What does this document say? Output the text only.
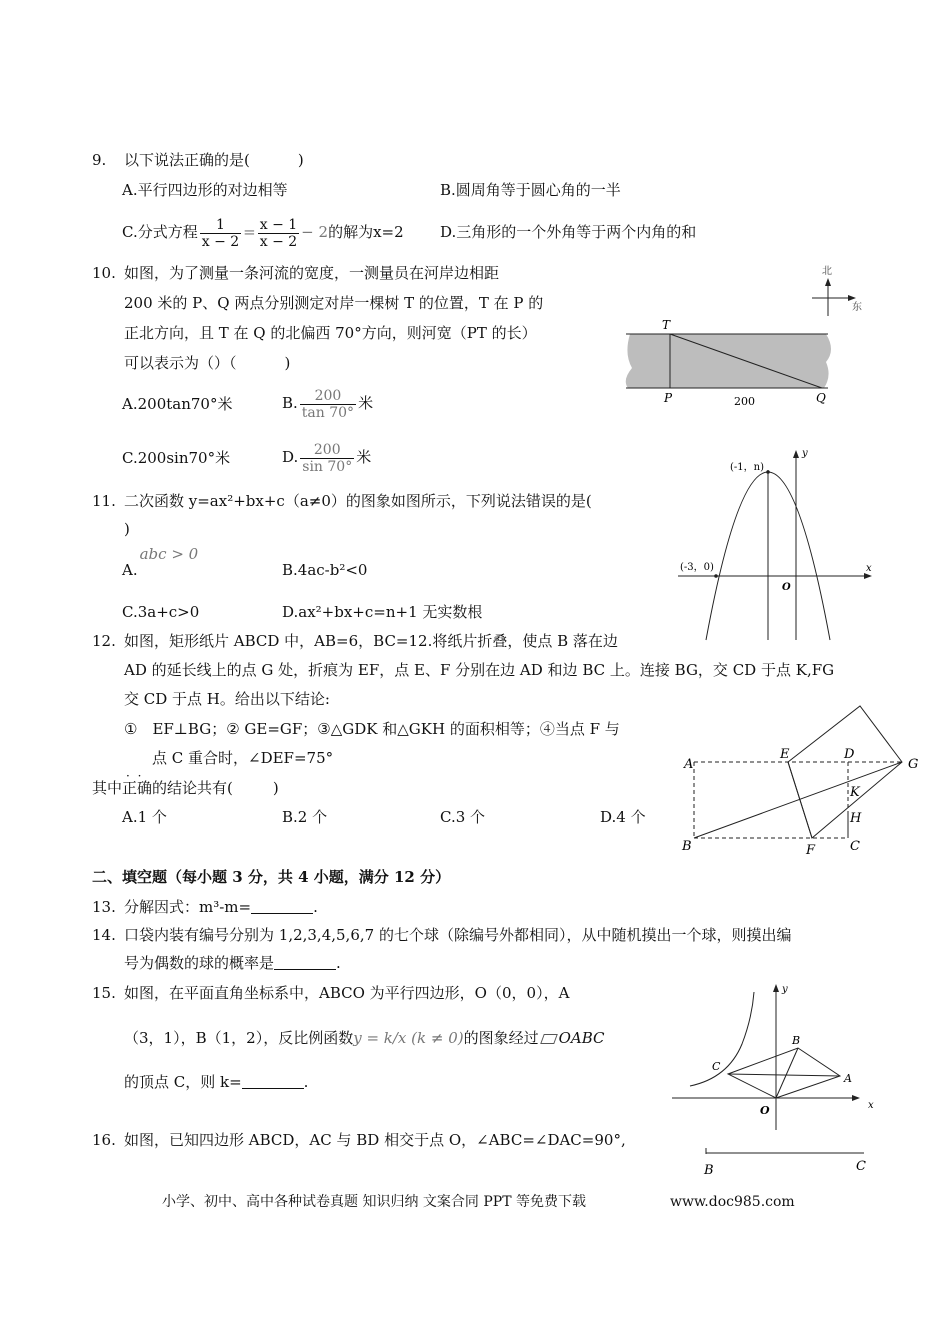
9.	以下说法正确的是(	)
A.平行四边形的对边相等	B.圆周角等于圆心角的一半
C.分式方程 $\frac{1}{x - 2} = \frac{x - 1}{x - 2} - 2$的解为x=2 D.三角形的一个外角等于两个内角的和
10. 如图，为了测量一条河流的宽度，一测量员在河岸边相距
200 米的 P、Q 两点分别测定对岸一棵树 T 的位置，T 在 P 的
正北方向，且 T 在 Q 的北偏西 70°方向，则河宽（PT 的长）
可以表示为（）（	)
A.200tan70°米	B. $\frac{200}{\tan 70^\circ}$ 米
C.200sin70°米	D. $\frac{200}{\sin 70^\circ}$ 米
北
东
T
P	Q
200
11. 二次函数 y=ax²+bx+c（a≠0）的图象如图所示，下列说法错误的是(
)
A.abc > 0
B.4ac-b²<0
C.3a+c>0	D.ax²+bx+c=n+1 无实数根
(-1，n)
(-3，0)	x
y
O
12. 如图，矩形纸片 ABCD 中，AB=6，BC=12.将纸片折叠，使点 B 落在边
AD 的延长线上的点 G 处，折痕为 EF，点 E、F 分别在边 AD 和边 BC 上。连接 BG，交 CD 于点 K,FG
交 CD 于点 H。给出以下结论:
①　EF⊥BG；② GE=GF；③△GDK 和△GKH 的面积相等；④当点 F 与
点 C 重合时，∠DEF=75°
其中· · 正确的结论共有(	)
A.1 个	B.2 个	C.3 个	D.4 个
A
B	C
D
E
F
G
H
K
二、填空题（每小题 3 分，共 4 小题，满分 12 分）
13. 分解因式：m³-m=	.
14. 口袋内装有编号分别为 1,2,3,4,5,6,7 的七个球（除编号外都相同），从中随机摸出一个球，则摸出编
号为偶数的球的概率是	.
15. 如图，在平面直角坐标系中，ABCO 为平行四边形，O（0，0），A
（3，1），B（1，2），反比例函数y = k/x (k ≠ 0)的图象经过 OABC
的顶点 C，则 k=	.
C
B
A
O	x
y
16. 如图，已知四边形 ABCD，AC 与 BD 相交于点 O，∠ABC=∠DAC=90°,
B	C
小学、初中、高中各种试卷真题 知识归纳 文案合同 PPT 等免费下载	www.doc985.com
